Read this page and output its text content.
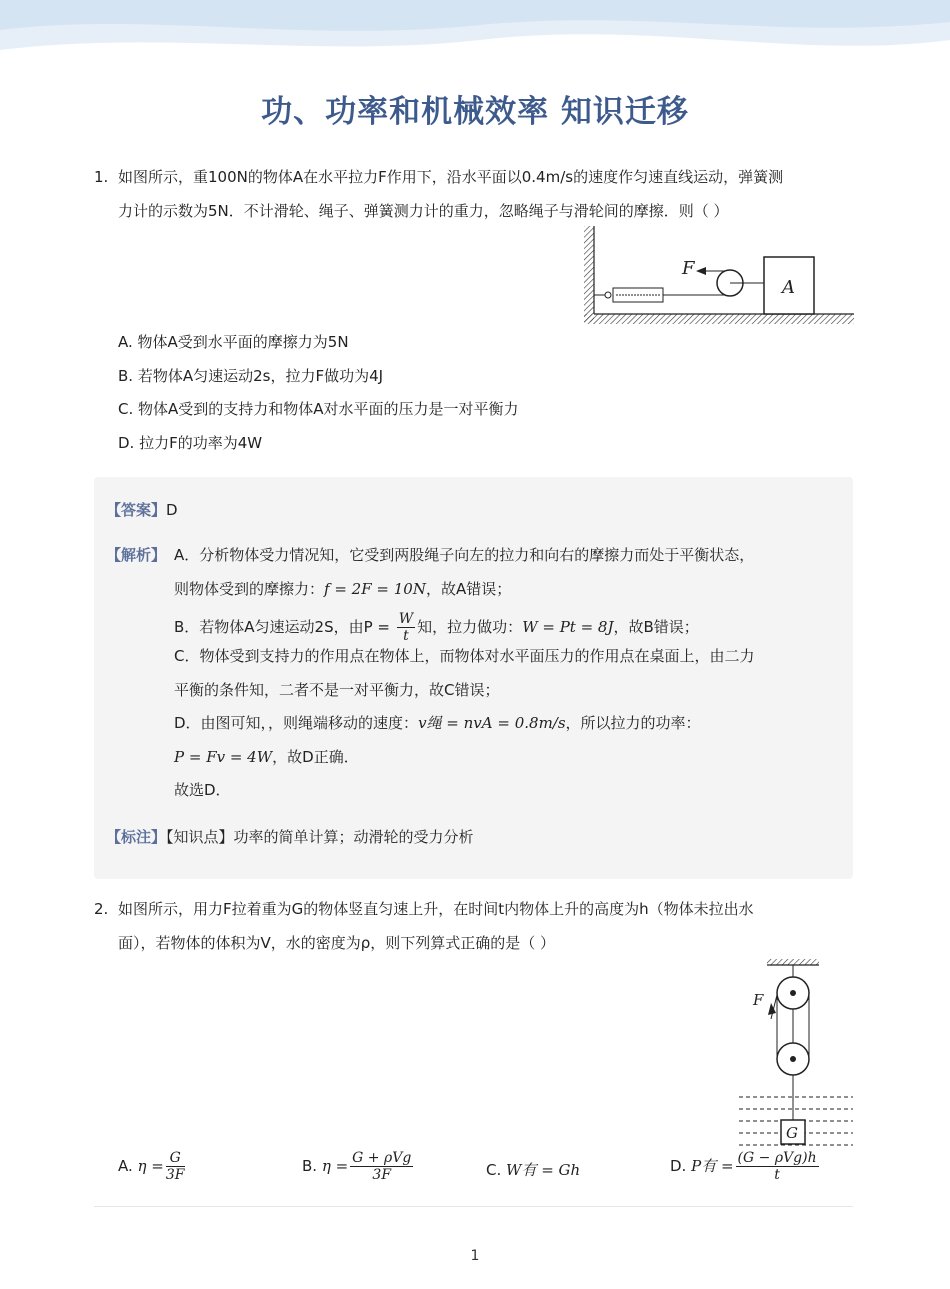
功、功率和机械效率 知识迁移
1. 如图所示，重100N的物体A在水平拉力F作用下，沿水平面以0.4m/s的速度作匀速直线运动，弹簧测
力计的示数为5N．不计滑轮、绳子、弹簧测力计的重力，忽略绳子与滑轮间的摩擦．则（ ）
F
A
A. 物体A受到水平面的摩擦力为5N
B. 若物体A匀速运动2s，拉力F做功为4J
C. 物体A受到的支持力和物体A对水平面的压力是一对平衡力
D. 拉力F的功率为4W
【答案】D
【解析】 A．分析物体受力情况知，它受到两股绳子向左的拉力和向右的摩擦力而处于平衡状态，
则物体受到的摩擦力：f = 2F = 10N，故A错误；
B．若物体A匀速运动2S，由$P = \frac{W}{t}$ 知，拉力做功：W = Pt = 8J，故B错误；
C．物体受到支持力的作用点在物体上，而物体对水平面压力的作用点在桌面上，由二力
平衡的条件知，二者不是一对平衡力，故C错误；
D．由图可知，，则绳端移动的速度：v绳 = nvA = 0.8m/s，所以拉力的功率：
P = Fv = 4W，故D正确．
故选D．
【标注】【知识点】功率的简单计算；动滑轮的受力分析
2. 如图所示，用力F拉着重为G的物体竖直匀速上升，在时间t内物体上升的高度为h（物体未拉出水
面），若物体的体积为V，水的密度为ρ，则下列算式正确的是（ ）
F
G
A. $\eta = \frac{G}{3F}$	B. $\eta = \frac{\text{G + ρVg}}{3F}$	C. W有 = Gh	D. P有 = $\frac{\text{(G − ρVg)h}}{t}$
1
